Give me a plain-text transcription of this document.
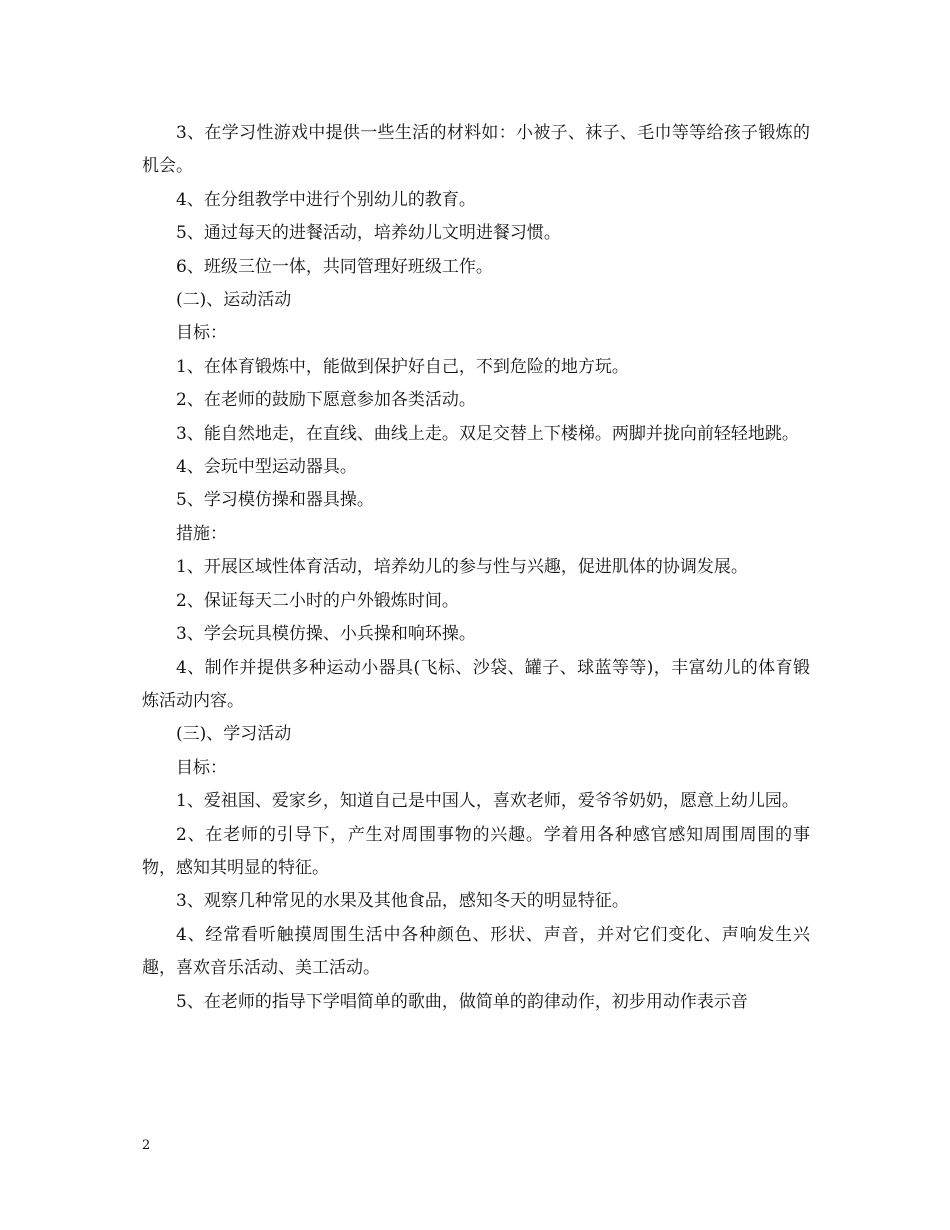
3、在学习性游戏中提供一些生活的材料如：小被子、袜子、毛巾等等给孩子锻炼的机会。

4、在分组教学中进行个别幼儿的教育。

5、通过每天的进餐活动，培养幼儿文明进餐习惯。

6、班级三位一体，共同管理好班级工作。

(二)、运动活动

目标：

1、在体育锻炼中，能做到保护好自己，不到危险的地方玩。

2、在老师的鼓励下愿意参加各类活动。

3、能自然地走，在直线、曲线上走。双足交替上下楼梯。两脚并拢向前轻轻地跳。

4、会玩中型运动器具。

5、学习模仿操和器具操。

措施：

1、开展区域性体育活动，培养幼儿的参与性与兴趣，促进肌体的协调发展。

2、保证每天二小时的户外锻炼时间。

3、学会玩具模仿操、小兵操和响环操。

4、制作并提供多种运动小器具(飞标、沙袋、罐子、球蓝等等)，丰富幼儿的体育锻炼活动内容。

(三)、学习活动

目标：

1、爱祖国、爱家乡，知道自己是中国人，喜欢老师，爱爷爷奶奶，愿意上幼儿园。

2、在老师的引导下，产生对周围事物的兴趣。学着用各种感官感知周围周围的事物，感知其明显的特征。

3、观察几种常见的水果及其他食品，感知冬天的明显特征。

4、经常看听触摸周围生活中各种颜色、形状、声音，并对它们变化、声响发生兴趣，喜欢音乐活动、美工活动。

5、在老师的指导下学唱简单的歌曲，做简单的韵律动作，初步用动作表示音

2
